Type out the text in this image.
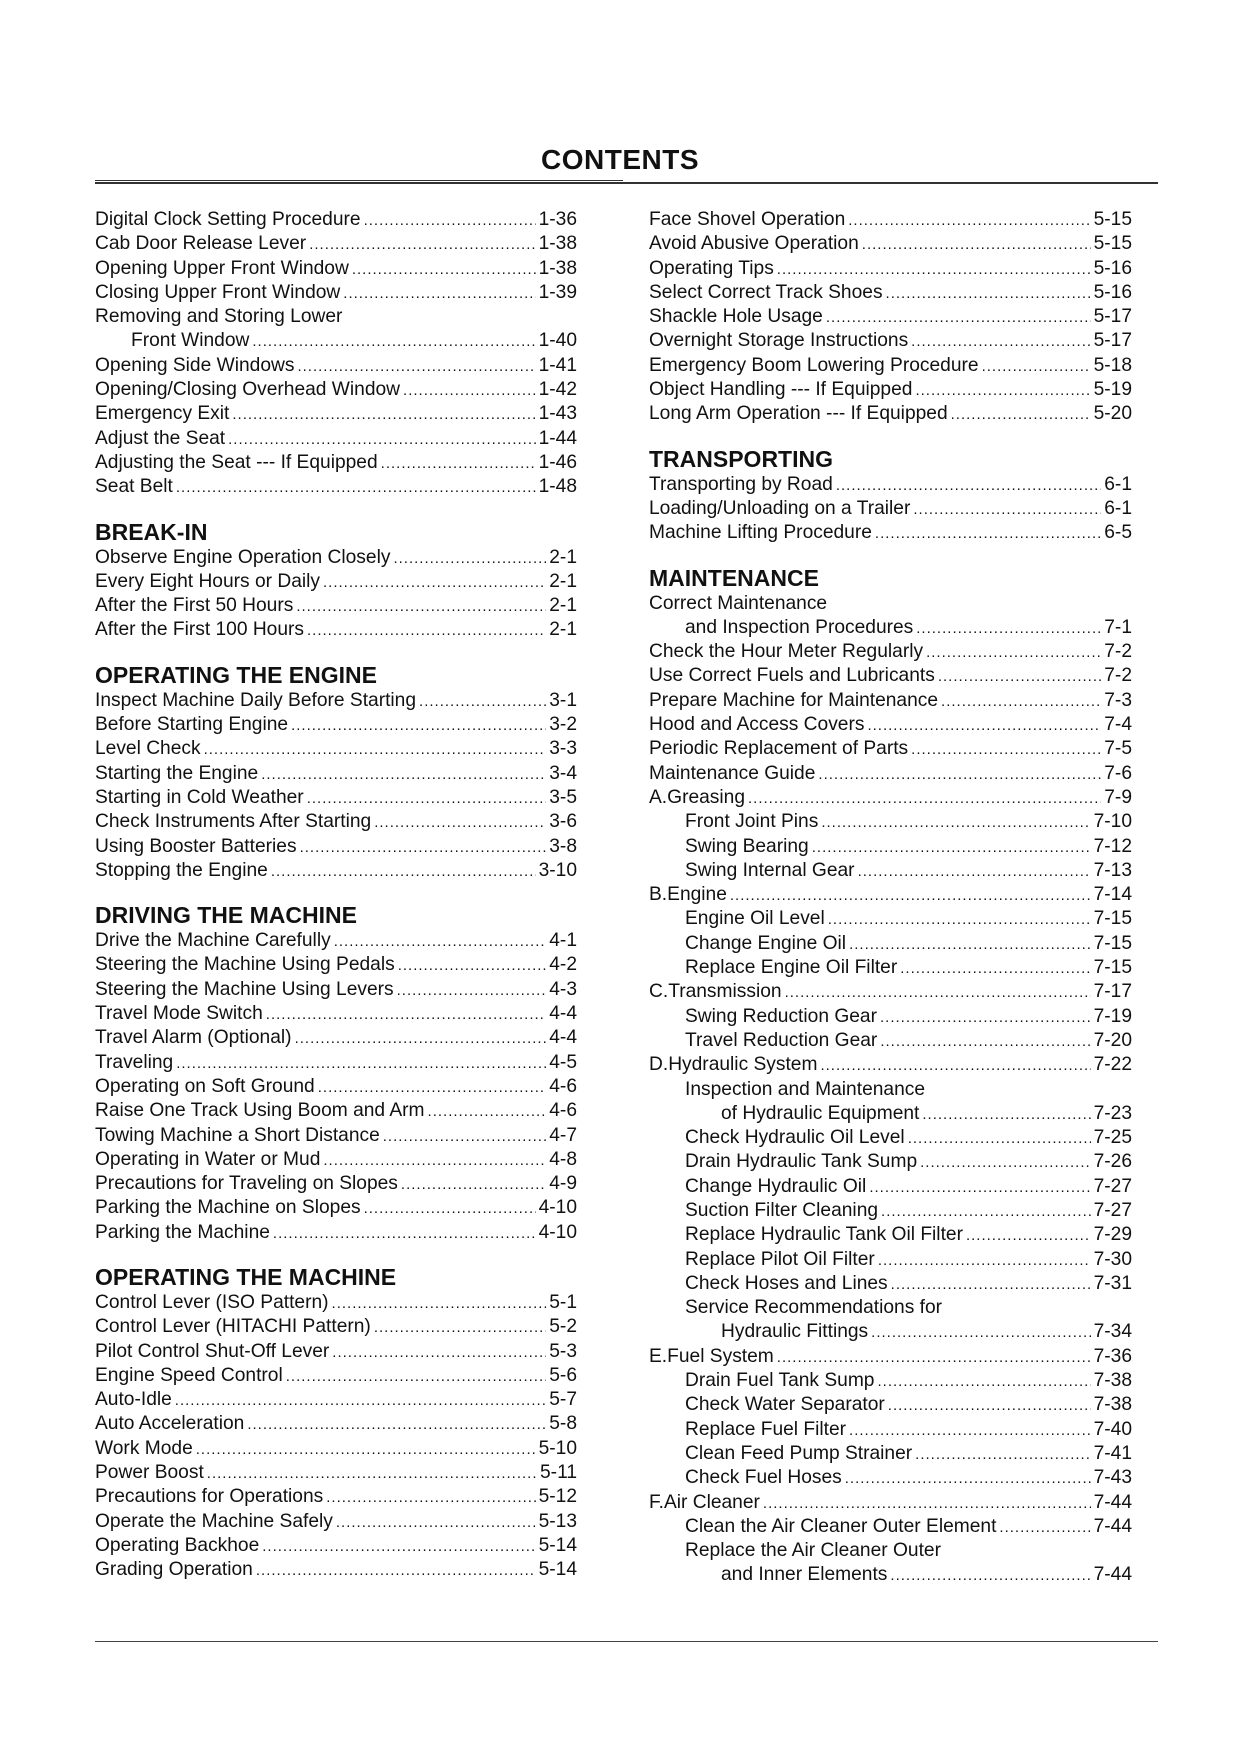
CONTENTS
Digital Clock Setting Procedure .....	1-36
Cab Door Release Lever .....	1-38
Opening Upper Front Window .....	1-38
Closing Upper Front Window .....	1-39
Removing and Storing Lower
Front Window .....	1-40
Opening Side Windows .....	1-41
Opening/Closing Overhead Window .....	1-42
Emergency Exit .....	1-43
Adjust the Seat .....	1-44
Adjusting the Seat --- If Equipped .....	1-46
Seat Belt .....	1-48
BREAK-IN
Observe Engine Operation Closely .....	2-1
Every Eight Hours or Daily .....	2-1
After the First 50 Hours .....	2-1
After the First 100 Hours .....	2-1
OPERATING THE ENGINE
Inspect Machine Daily Before Starting .....	3-1
Before Starting Engine .....	3-2
Level Check .....	3-3
Starting the Engine .....	3-4
Starting in Cold Weather .....	3-5
Check Instruments After Starting .....	3-6
Using Booster Batteries .....	3-8
Stopping the Engine .....	3-10
DRIVING THE MACHINE
Drive the Machine Carefully .....	4-1
Steering the Machine Using Pedals .....	4-2
Steering the Machine Using Levers .....	4-3
Travel Mode Switch .....	4-4
Travel Alarm (Optional) .....	4-4
Traveling .....	4-5
Operating on Soft Ground .....	4-6
Raise One Track Using Boom and Arm .....	4-6
Towing Machine a Short Distance .....	4-7
Operating in Water or Mud .....	4-8
Precautions for Traveling on Slopes .....	4-9
Parking the Machine on Slopes .....	4-10
Parking the Machine .....	4-10
OPERATING THE MACHINE
Control Lever (ISO Pattern) .....	5-1
Control Lever (HITACHI Pattern) .....	5-2
Pilot Control Shut-Off Lever .....	5-3
Engine Speed Control .....	5-6
Auto-Idle .....	5-7
Auto Acceleration .....	5-8
Work Mode .....	5-10
Power Boost .....	5-11
Precautions for Operations .....	5-12
Operate the Machine Safely .....	5-13
Operating Backhoe .....	5-14
Grading Operation .....	5-14
Face Shovel Operation .....	5-15
Avoid Abusive Operation .....	5-15
Operating Tips .....	5-16
Select Correct Track Shoes .....	5-16
Shackle Hole Usage .....	5-17
Overnight Storage Instructions .....	5-17
Emergency Boom Lowering Procedure .....	5-18
Object Handling --- If Equipped .....	5-19
Long Arm Operation --- If Equipped .....	5-20
TRANSPORTING
Transporting by Road .....	6-1
Loading/Unloading on a Trailer .....	6-1
Machine Lifting Procedure .....	6-5
MAINTENANCE
Correct Maintenance
and Inspection Procedures .....	7-1
Check the Hour Meter Regularly .....	7-2
Use Correct Fuels and Lubricants .....	7-2
Prepare Machine for Maintenance .....	7-3
Hood and Access Covers .....	7-4
Periodic Replacement of Parts .....	7-5
Maintenance Guide .....	7-6
A. Greasing .....	7-9
Front Joint Pins .....	7-10
Swing Bearing .....	7-12
Swing Internal Gear .....	7-13
B. Engine .....	7-14
Engine Oil Level .....	7-15
Change Engine Oil .....	7-15
Replace Engine Oil Filter .....	7-15
C. Transmission .....	7-17
Swing Reduction Gear .....	7-19
Travel Reduction Gear .....	7-20
D. Hydraulic System .....	7-22
Inspection and Maintenance
of Hydraulic Equipment .....	7-23
Check Hydraulic Oil Level .....	7-25
Drain Hydraulic Tank Sump .....	7-26
Change Hydraulic Oil .....	7-27
Suction Filter Cleaning .....	7-27
Replace Hydraulic Tank Oil Filter .....	7-29
Replace Pilot Oil Filter .....	7-30
Check Hoses and Lines .....	7-31
Service Recommendations for
Hydraulic Fittings .....	7-34
E. Fuel System .....	7-36
Drain Fuel Tank Sump .....	7-38
Check Water Separator .....	7-38
Replace Fuel Filter .....	7-40
Clean Feed Pump Strainer .....	7-41
Check Fuel Hoses .....	7-43
F. Air Cleaner .....	7-44
Clean the Air Cleaner Outer Element .....	7-44
Replace the Air Cleaner Outer
and Inner Elements .....	7-44
